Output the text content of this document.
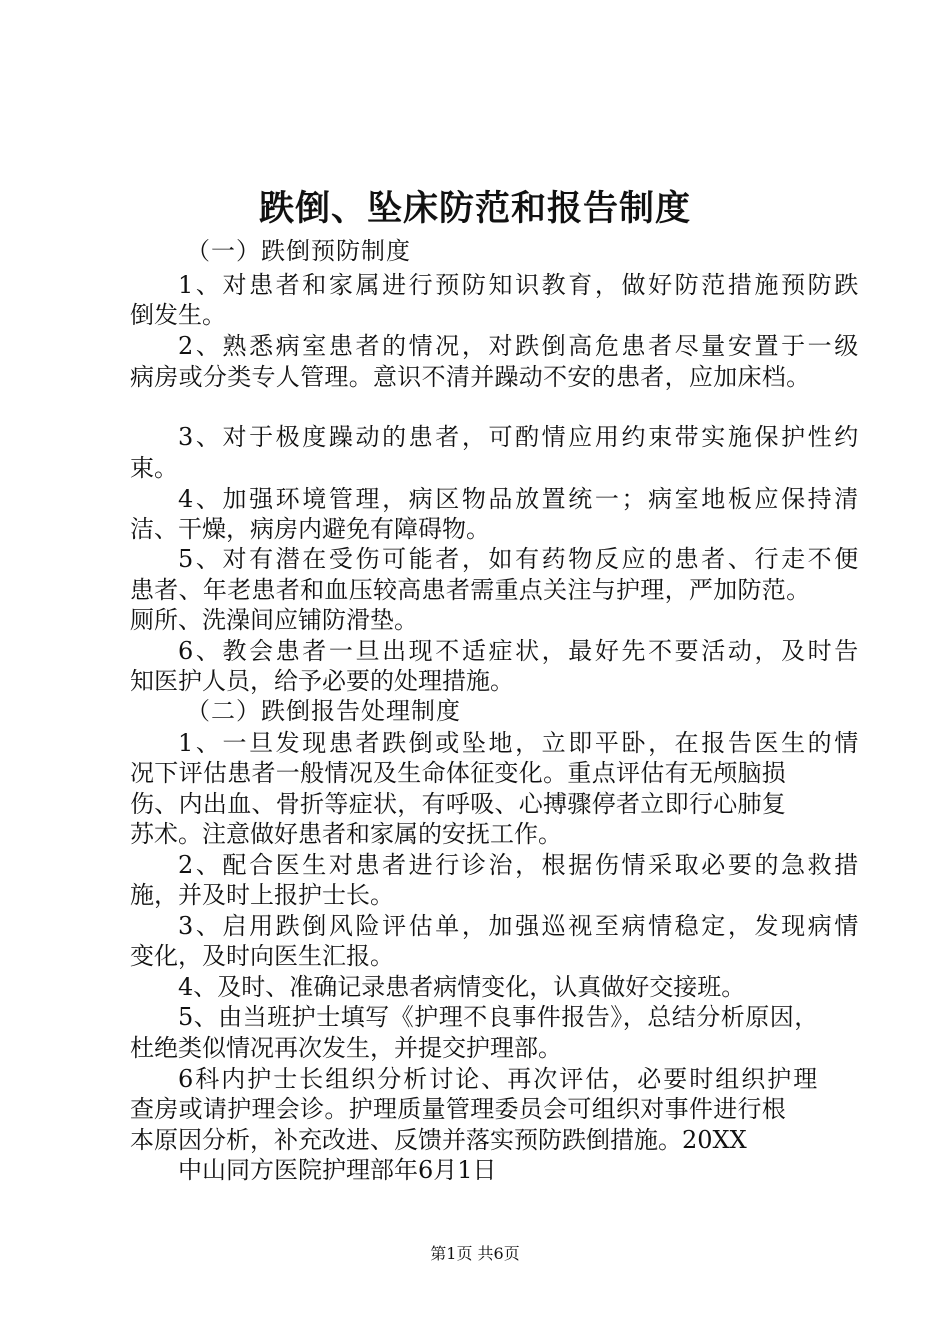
跌倒、坠床防范和报告制度
（一）跌倒预防制度
1、对患者和家属进行预防知识教育，做好防范措施预防跌
倒发生。
2、熟悉病室患者的情况，对跌倒高危患者尽量安置于一级
病房或分类专人管理。意识不清并躁动不安的患者，应加床档。
3、对于极度躁动的患者，可酌情应用约束带实施保护性约
束。
4、加强环境管理，病区物品放置统一；病室地板应保持清
洁、干燥，病房内避免有障碍物。
5、对有潜在受伤可能者，如有药物反应的患者、行走不便
患者、年老患者和血压较高患者需重点关注与护理，严加防范。
厕所、洗澡间应铺防滑垫。
6、教会患者一旦出现不适症状，最好先不要活动，及时告
知医护人员，给予必要的处理措施。
（二）跌倒报告处理制度
1、一旦发现患者跌倒或坠地，立即平卧，在报告医生的情
况下评估患者一般情况及生命体征变化。重点评估有无颅脑损
伤、内出血、骨折等症状，有呼吸、心搏骤停者立即行心肺复
苏术。注意做好患者和家属的安抚工作。
2、配合医生对患者进行诊治，根据伤情采取必要的急救措
施，并及时上报护士长。
3、启用跌倒风险评估单，加强巡视至病情稳定，发现病情
变化，及时向医生汇报。
4、及时、准确记录患者病情变化，认真做好交接班。
5、由当班护士填写《护理不良事件报告》，总结分析原因，
杜绝类似情况再次发生，并提交护理部。
6科内护士长组织分析讨论、再次评估，必要时组织护理
查房或请护理会诊。护理质量管理委员会可组织对事件进行根
本原因分析，补充改进、反馈并落实预防跌倒措施。20XX
中山同方医院护理部年6月1日
第1页 共6页
